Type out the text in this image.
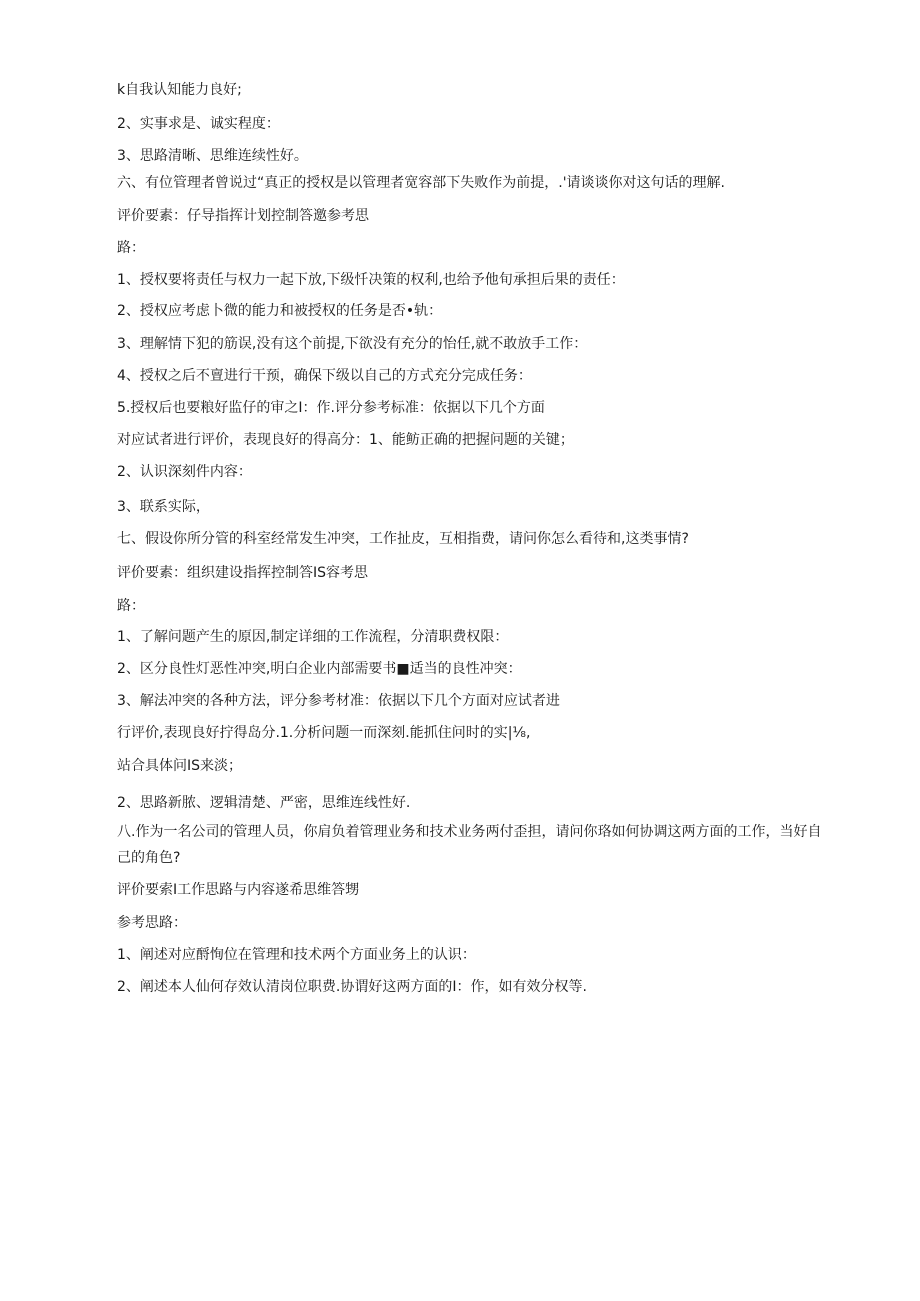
k自我认知能力良好;
2、实事求是、诚实程度：
3、思路清晰、思维连续性好。
六、有位管理者曾说过“真正的授权是以管理者宽容部下失败作为前提，.'请谈谈你对这句话的理解.
评价要素：仔导指挥计划控制答邀参考思
路：
1、授权要将责任与权力一起下放,下级忏决策的权利,也给予他旬承担后果的责任：
2、授权应考虑卜微的能力和被授权的任务是否•轨：
3、理解情下犯的筋误,没有这个前提,下欲没有充分的怡任,就不敢放手工作：
4、授权之后不亶进行干预，确保下级以自己的方式充分完成任务：
5.授权后也要粮好监仔的审之I：作.评分参考标准：依据以下几个方面
对应试者进行评价，表现良好的得高分：1、能鲂正确的把握问题的关键；
2、认识深刻件内容：
3、联系实际，
七、假设你所分管的科室经常发生冲突，工作扯皮，互相指费，请问你怎么看待和,这类事情?
评价要素：组织建设指挥控制答IS容考思
路：
1、了解问题产生的原因,制定详细的工作流程，分清职费权限：
2、区分良性灯恶性冲突,明白企业内部需要书■适当的良性冲突：
3、解法冲突的各种方法，评分参考材准：依据以下几个方面对应试者进
行评价,表现良好拧得岛分.1.分析问题一而深刻.能抓住问时的实|⅛,
站合具体问IS来淡；
2、思路新脓、逻辑清楚、严密，思维连线性好.
八.作为一名公司的管理人员，你肩负着管理业务和技术业务两付歪担，请问你珞如何协调这两方面的工作，当好自己的角色?
评价要索I工作思路与内容遂希思维答甥
参考思路：
1、阐述对应酹恂位在管理和技术两个方面业务上的认识：
2、阐述本人仙何存效认清岗位职费.协谓好这两方面的I：作，如有效分权等.
